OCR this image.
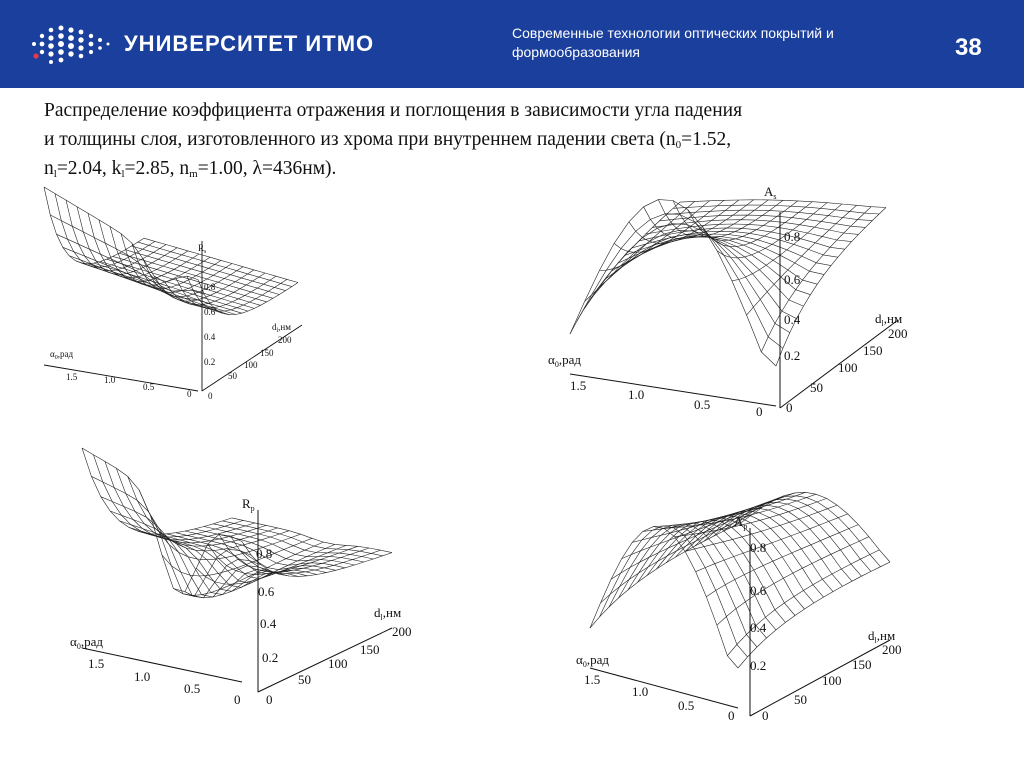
УНИВЕРСИТЕТ ИТМО	Современные технологии оптических покрытий и
формообразования	38
Распределение коэффициента отражения и поглощения в зависимости угла падения
и толщины слоя, изготовленного из хрома при внутреннем падении света ($n_0=1.52$,
$n_l=2.04$, $k_l=2.85$, $n_m=1.00$, λ=436нм).
$R_s$
0.8
0.6
0.4
0.2
$\alpha_0,рад$
1.5	1.0
0.5
0 0
50
100
150
200
$d_l,нм$
$A_s$
0.8
0.6
0.4
0.2
$\alpha_0,рад$
1.5
1.0
0.5	0 0
50
100
150
200
$d_l,нм$
$R_p$
0.8
0.6
0.4
0.2
$\alpha_0,рад$
1.5
1.0
0.5
0 0
50
100
150
200
$d_l,нм$
$A_p$
0.8
0.6
0.4
0.2
$\alpha_0,рад$
1.5
1.0
0.5
0 0
50
100
150
200
$d_l,нм$
